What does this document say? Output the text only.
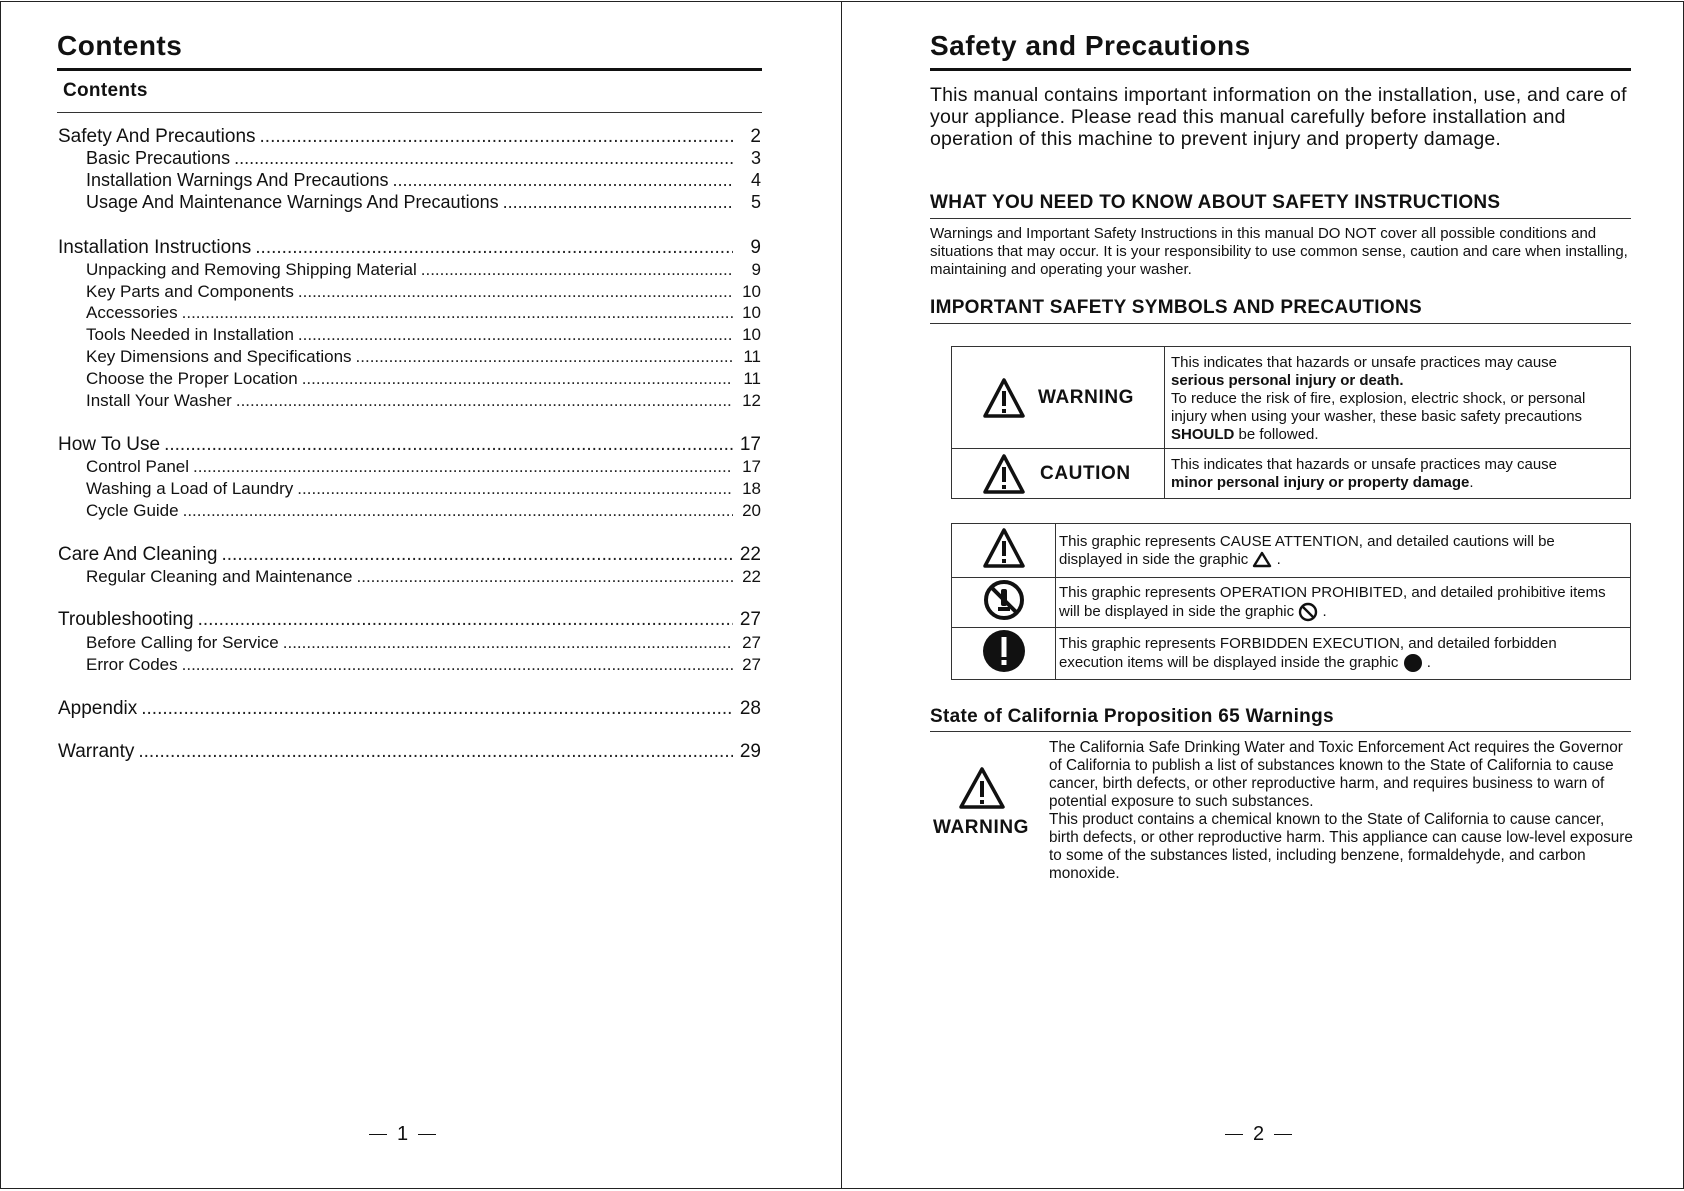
Contents
Contents
Safety And Precautions .....	2
Basic Precautions .....	3
Installation Warnings And Precautions .....	4
Usage And Maintenance Warnings And Precautions .....	5
Installation Instructions .....	9
Unpacking and Removing Shipping Material .....	9
Key Parts and Components .....	10
Accessories .....	10
Tools Needed in Installation .....	10
Key Dimensions and Specifications .....	11
Choose the Proper Location .....	11
Install Your Washer .....	12
How To Use .....	17
Control Panel .....	17
Washing a Load of Laundry .....	18
Cycle Guide .....	20
Care And Cleaning .....	22
Regular Cleaning and Maintenance .....	22
Troubleshooting .....	27
Before Calling for Service .....	27
Error Codes .....	27
Appendix .....	28
Warranty .....	29
1
Safety and Precautions
This manual contains important information on the installation, use, and care of your appliance. Please read this manual carefully before installation and operation of this machine to prevent injury and property damage.
WHAT YOU NEED TO KNOW ABOUT SAFETY INSTRUCTIONS
Warnings and Important Safety Instructions in this manual DO NOT cover all possible conditions and situations that may occur. It is your responsibility to use common sense, caution and care when installing, maintaining and operating your washer.
IMPORTANT SAFETY SYMBOLS AND PRECAUTIONS
WARNING	This indicates that hazards or unsafe practices may cause
serious personal injury or death.
To reduce the risk of fire, explosion, electric shock, or personal injury when using your washer, these basic safety precautions SHOULD be followed.

CAUTION	This indicates that hazards or unsafe practices may cause
minor personal injury or property damage.

This graphic represents CAUSE ATTENTION, and detailed cautions will be displayed in side the graphic .

This graphic represents OPERATION PROHIBITED, and detailed prohibitive items will be displayed in side the graphic .

This graphic represents FORBIDDEN EXECUTION, and detailed forbidden execution items will be displayed inside the graphic .
State of California Proposition 65 Warnings
WARNING
The California Safe Drinking Water and Toxic Enforcement Act requires the Governor of California to publish a list of substances known to the State of California to cause cancer, birth defects, or other reproductive harm, and requires business to warn of potential exposure to such substances.
This product contains a chemical known to the State of California to cause cancer, birth defects, or other reproductive harm. This appliance can cause low-level exposure to some of the substances listed, including benzene, formaldehyde, and carbon monoxide.
2
